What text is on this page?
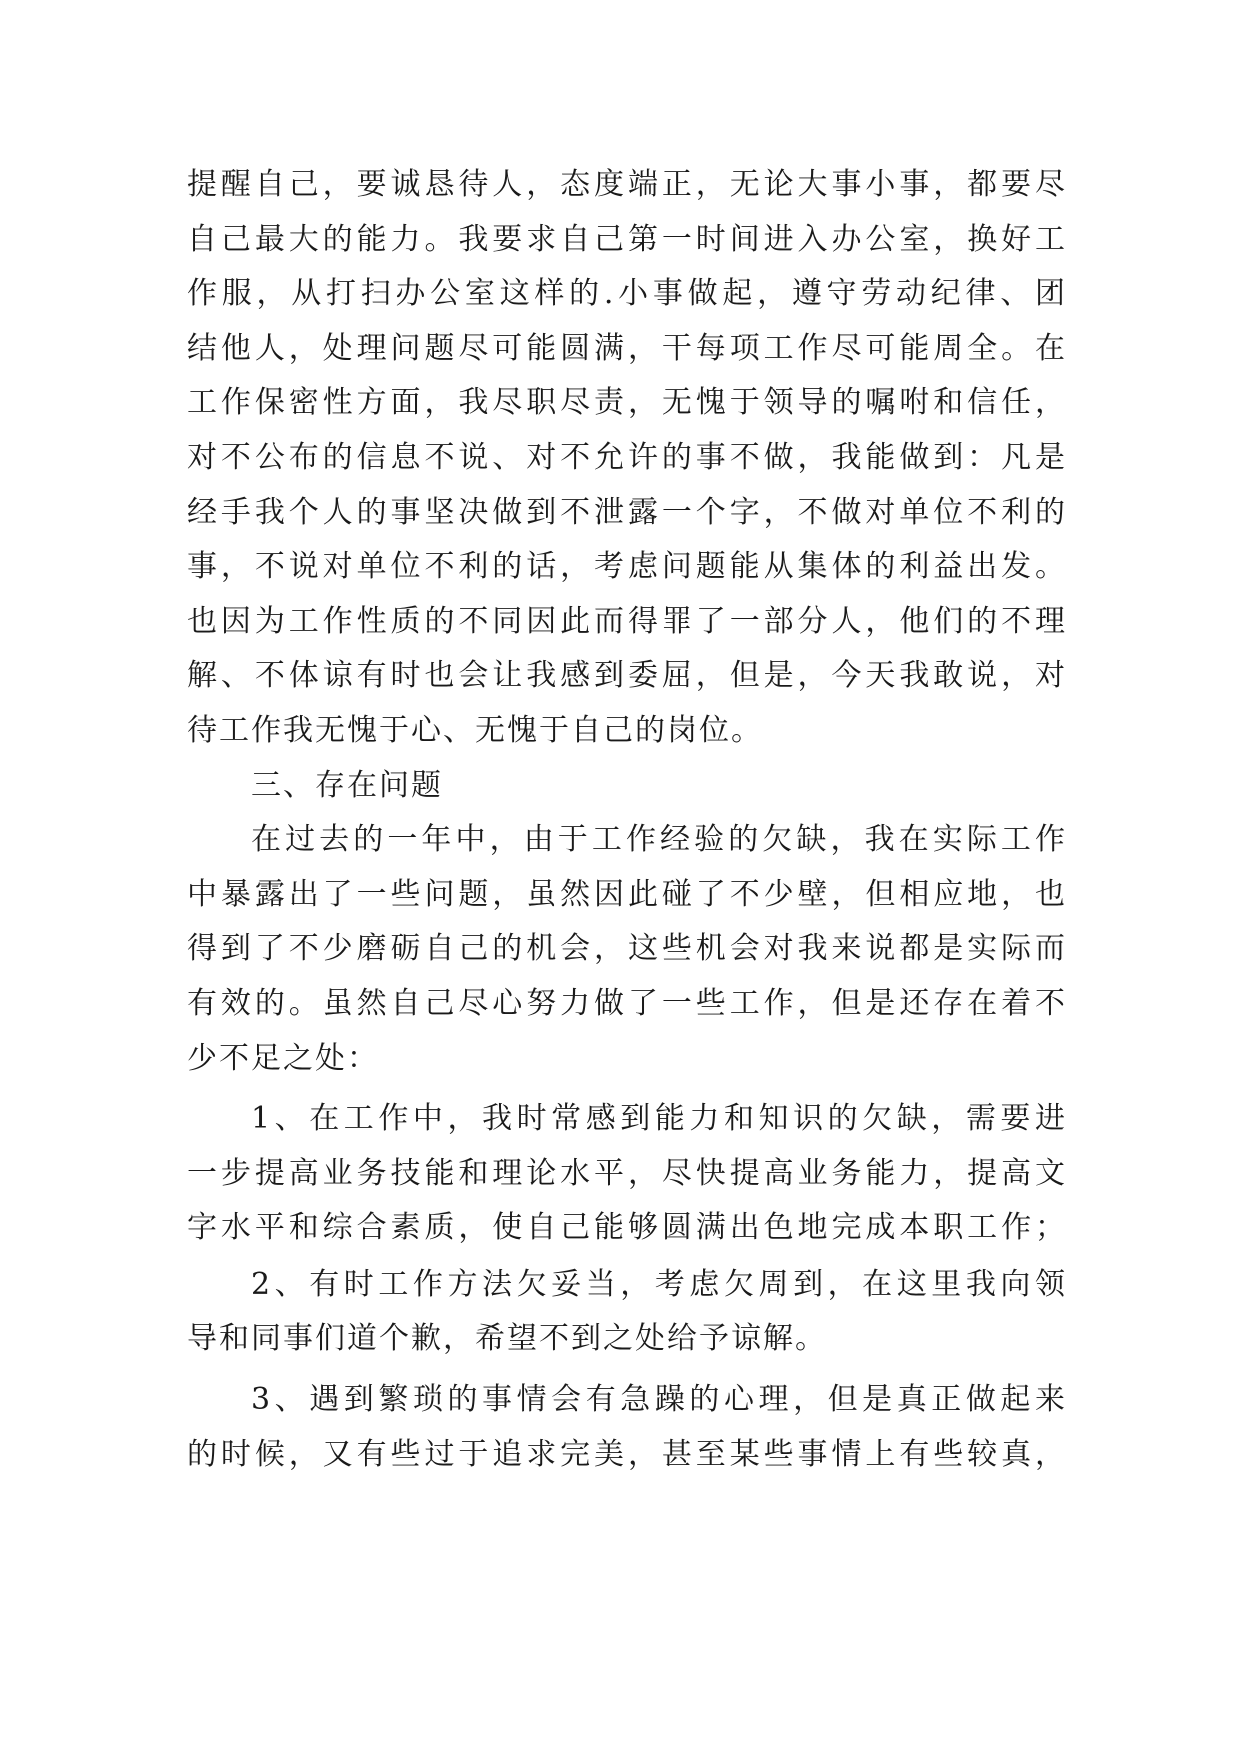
提醒自己，要诚恳待人，态度端正，无论大事小事，都要尽
自己最大的能力。我要求自己第一时间进入办公室，换好工
作服，从打扫办公室这样的.小事做起，遵守劳动纪律、团
结他人，处理问题尽可能圆满，干每项工作尽可能周全。在
工作保密性方面，我尽职尽责，无愧于领导的嘱咐和信任，
对不公布的信息不说、对不允许的事不做，我能做到：凡是
经手我个人的事坚决做到不泄露一个字，不做对单位不利的
事，不说对单位不利的话，考虑问题能从集体的利益出发。
也因为工作性质的不同因此而得罪了一部分人，他们的不理
解、不体谅有时也会让我感到委屈，但是，今天我敢说，对
待工作我无愧于心、无愧于自己的岗位。
三、存在问题
在过去的一年中，由于工作经验的欠缺，我在实际工作
中暴露出了一些问题，虽然因此碰了不少壁，但相应地，也
得到了不少磨砺自己的机会，这些机会对我来说都是实际而
有效的。虽然自己尽心努力做了一些工作，但是还存在着不
少不足之处：
1、在工作中，我时常感到能力和知识的欠缺，需要进
一步提高业务技能和理论水平，尽快提高业务能力，提高文
字水平和综合素质，使自己能够圆满出色地完成本职工作；
2、有时工作方法欠妥当，考虑欠周到，在这里我向领
导和同事们道个歉，希望不到之处给予谅解。
3、遇到繁琐的事情会有急躁的心理，但是真正做起来
的时候，又有些过于追求完美，甚至某些事情上有些较真，
